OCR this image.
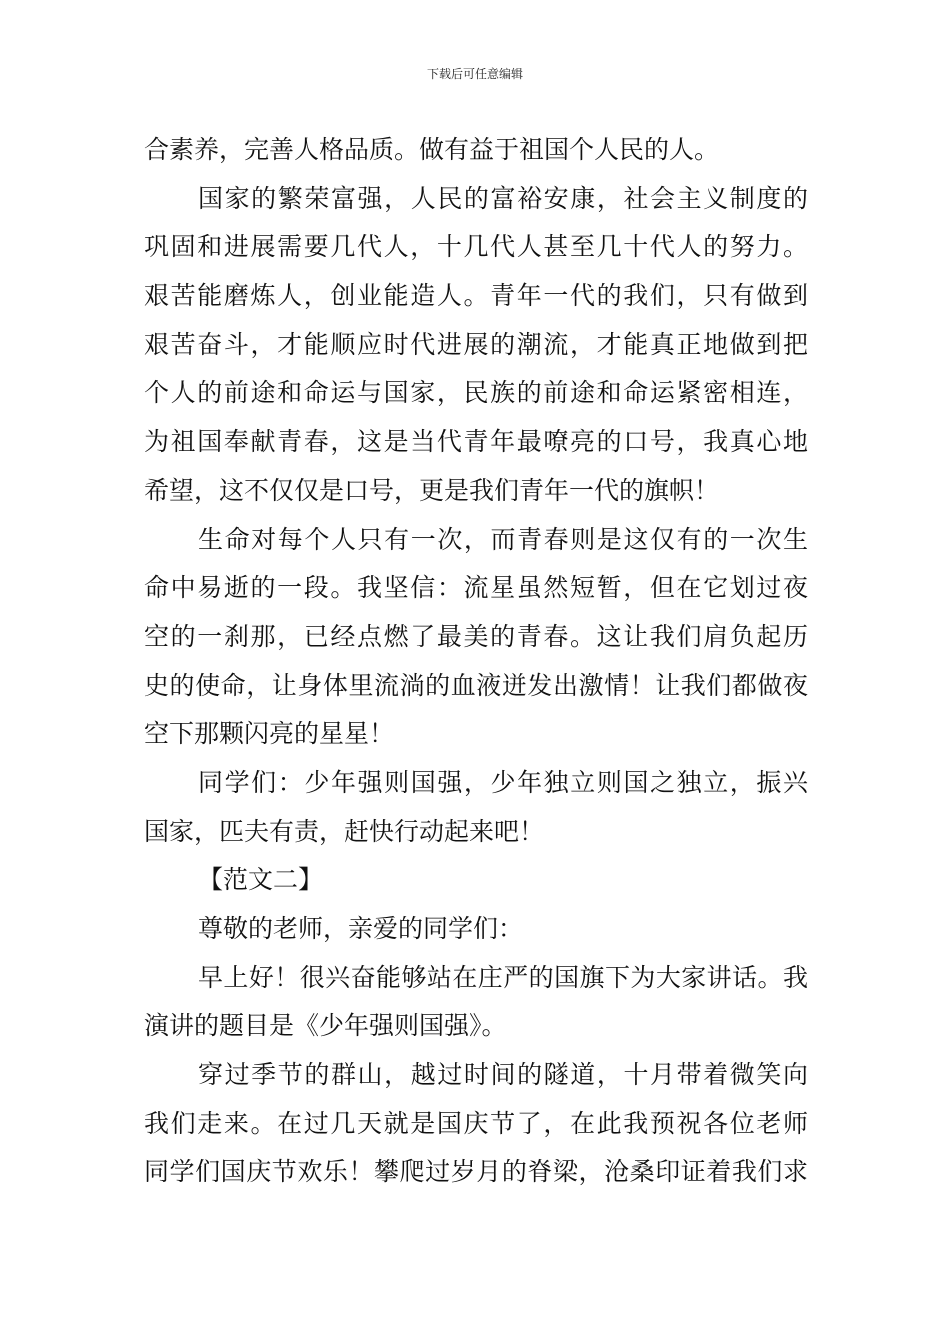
下载后可任意编辑
合素养，完善人格品质。做有益于祖国个人民的人。
国家的繁荣富强，人民的富裕安康，社会主义制度的
巩固和进展需要几代人，十几代人甚至几十代人的努力。
艰苦能磨炼人，创业能造人。青年一代的我们，只有做到
艰苦奋斗，才能顺应时代进展的潮流，才能真正地做到把
个人的前途和命运与国家，民族的前途和命运紧密相连，
为祖国奉献青春，这是当代青年最嘹亮的口号，我真心地
希望，这不仅仅是口号，更是我们青年一代的旗帜！
生命对每个人只有一次，而青春则是这仅有的一次生
命中易逝的一段。我坚信：流星虽然短暂，但在它划过夜
空的一刹那，已经点燃了最美的青春。这让我们肩负起历
史的使命，让身体里流淌的血液迸发出激情！让我们都做夜
空下那颗闪亮的星星！
同学们：少年强则国强，少年独立则国之独立，振兴
国家，匹夫有责，赶快行动起来吧！
【范文二】
尊敬的老师，亲爱的同学们：
早上好！很兴奋能够站在庄严的国旗下为大家讲话。我
演讲的题目是《少年强则国强》。
穿过季节的群山，越过时间的隧道，十月带着微笑向
我们走来。在过几天就是国庆节了，在此我预祝各位老师
同学们国庆节欢乐！攀爬过岁月的脊梁，沧桑印证着我们求
